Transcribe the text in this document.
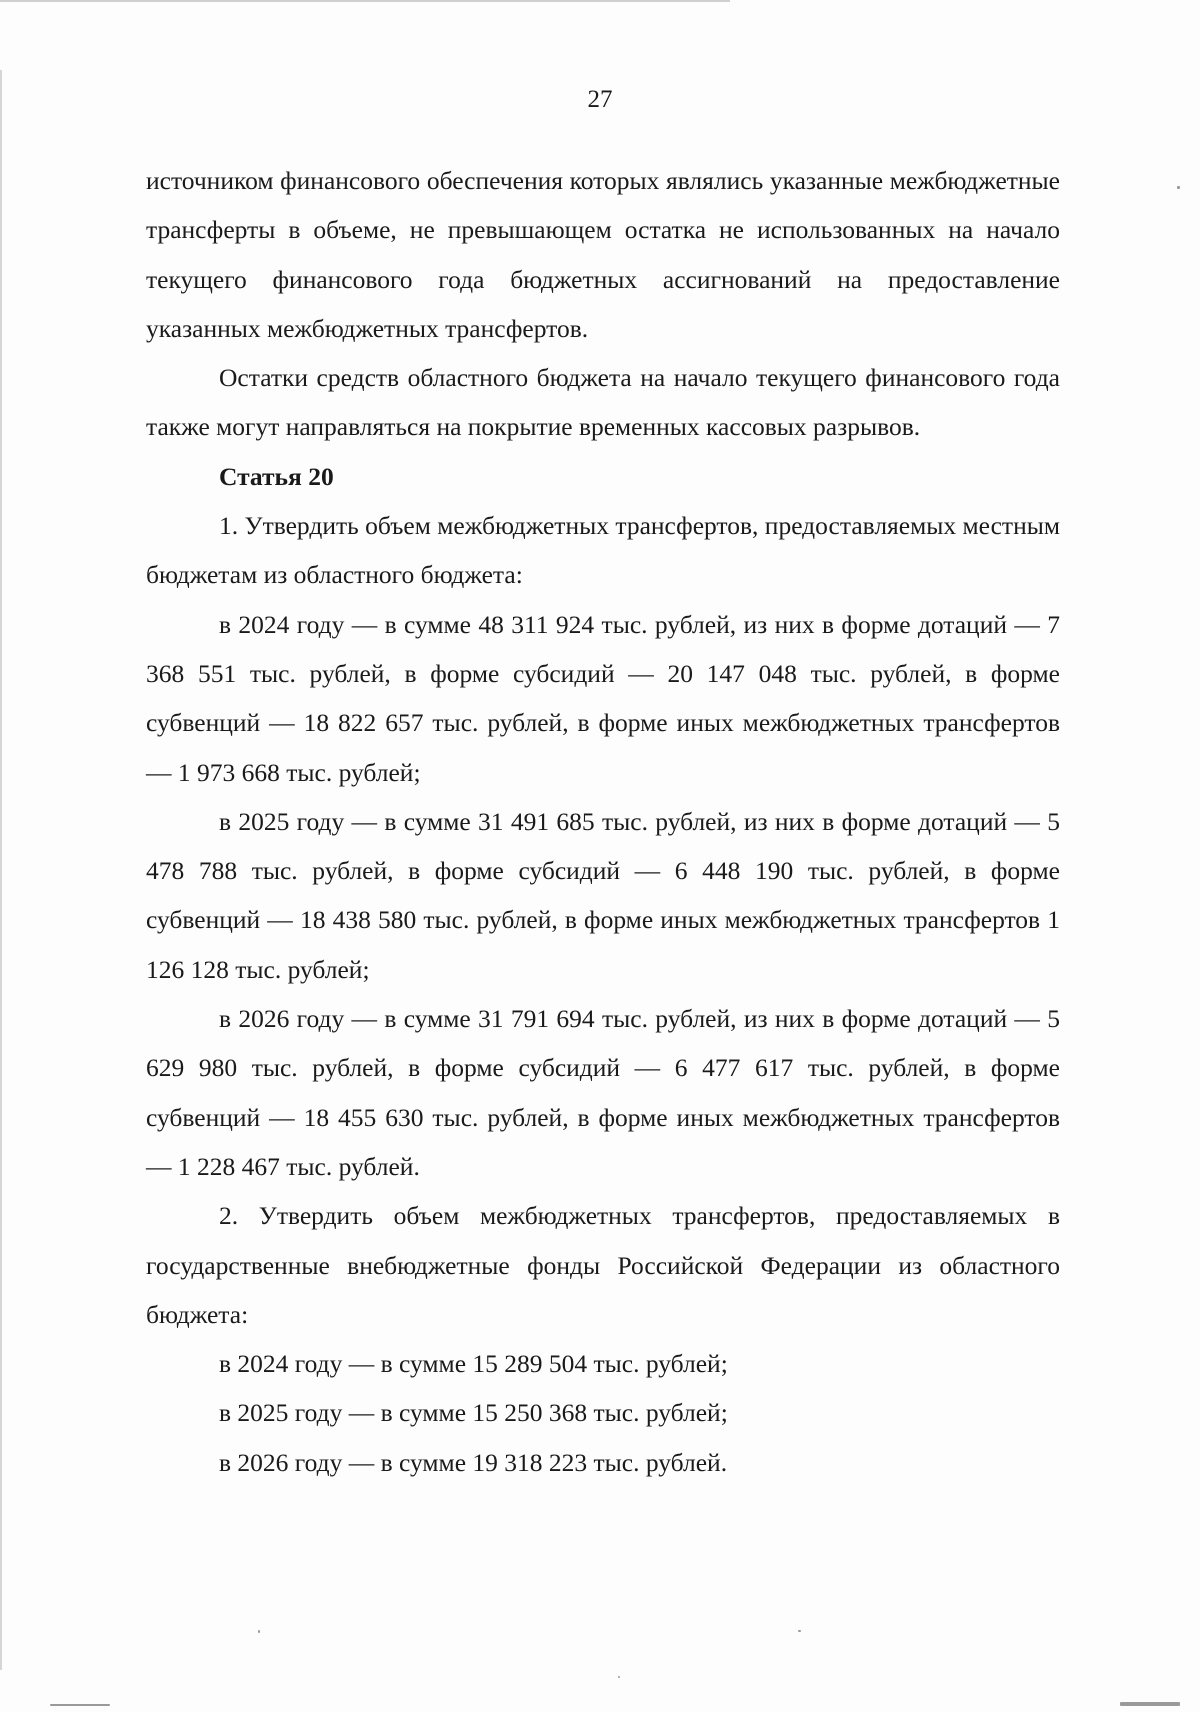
27

источником финансового обеспечения которых являлись указанные межбюджетные трансферты в объеме, не превышающем остатка не использованных на начало текущего финансового года бюджетных ассигнований на предоставление указанных межбюджетных трансфертов.

Остатки средств областного бюджета на начало текущего финансового года также могут направляться на покрытие временных кассовых разрывов.

Статья 20

1. Утвердить объем межбюджетных трансфертов, предоставляемых местным бюджетам из областного бюджета:

в 2024 году — в сумме 48 311 924 тыс. рублей, из них в форме дотаций — 7 368 551 тыс. рублей, в форме субсидий — 20 147 048 тыс. рублей, в форме субвенций — 18 822 657 тыс. рублей, в форме иных межбюджетных трансфертов — 1 973 668 тыс. рублей;

в 2025 году — в сумме 31 491 685 тыс. рублей, из них в форме дотаций — 5 478 788 тыс. рублей, в форме субсидий — 6 448 190 тыс. рублей, в форме субвенций — 18 438 580 тыс. рублей, в форме иных межбюджетных трансфертов 1 126 128 тыс. рублей;

в 2026 году — в сумме 31 791 694 тыс. рублей, из них в форме дотаций — 5 629 980 тыс. рублей, в форме субсидий — 6 477 617 тыс. рублей, в форме субвенций — 18 455 630 тыс. рублей, в форме иных межбюджетных трансфертов — 1 228 467 тыс. рублей.

2. Утвердить объем межбюджетных трансфертов, предоставляемых в государственные внебюджетные фонды Российской Федерации из областного бюджета:

в 2024 году — в сумме 15 289 504 тыс. рублей;

в 2025 году — в сумме 15 250 368 тыс. рублей;

в 2026 году — в сумме 19 318 223 тыс. рублей.
